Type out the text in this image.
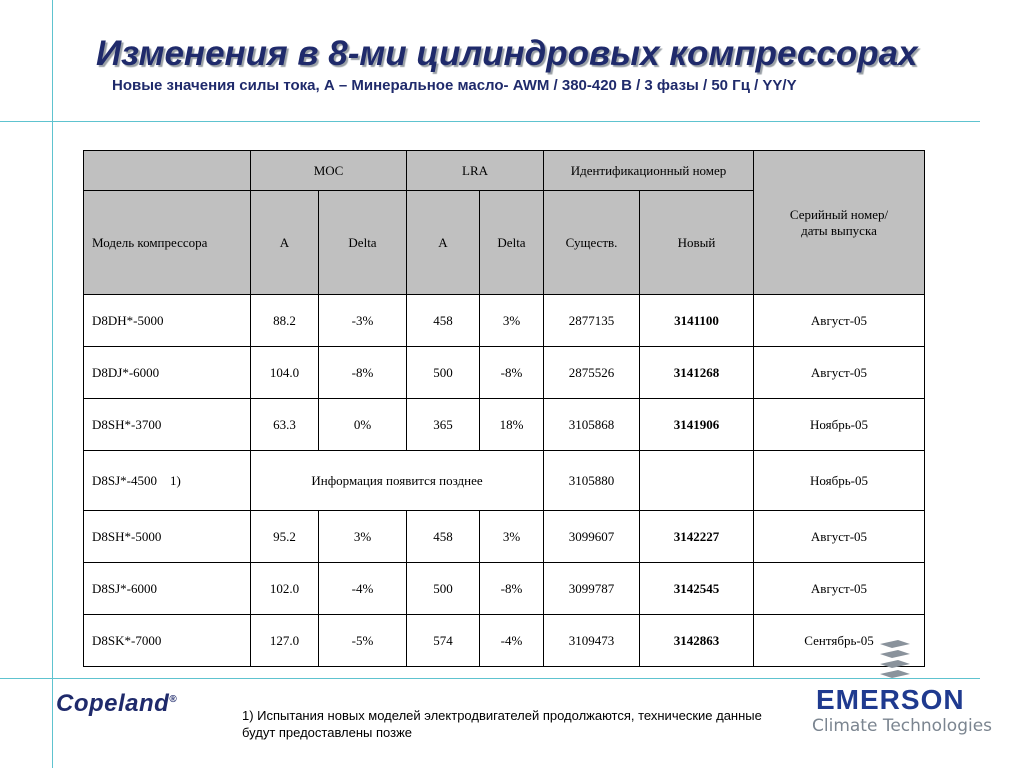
Изменения в 8-ми цилиндровых компрессорах

Новые значения силы тока, А – Минеральное масло- AWM / 380-420 В / 3 фазы / 50 Гц / YY/Y

	MOC		LRA		Идентификационный номер		Серийный номер/
даты выпуска
Модель компрессора	A	Delta	A	Delta	Существ.	Новый	
D8DH*-5000	88.2	-3%	458	3%	2877135	3141100	Август-05
D8DJ*-6000	104.0	-8%	500	-8%	2875526	3141268	Август-05
D8SH*-3700	63.3	0%	365	18%	3105868	3141906	Ноябрь-05
D8SJ*-4500    1)	Информация появится позднее				3105880		Ноябрь-05
D8SH*-5000	95.2	3%	458	3%	3099607	3142227	Август-05
D8SJ*-6000	102.0	-4%	500	-8%	3099787	3142545	Август-05
D8SK*-7000	127.0	-5%	574	-4%	3109473	3142863	Сентябрь-05
Copeland®

1) Испытания новых моделей электродвигателей продолжаются, технические данные будут предоставлены позже

EMERSON

Climate Technologies
